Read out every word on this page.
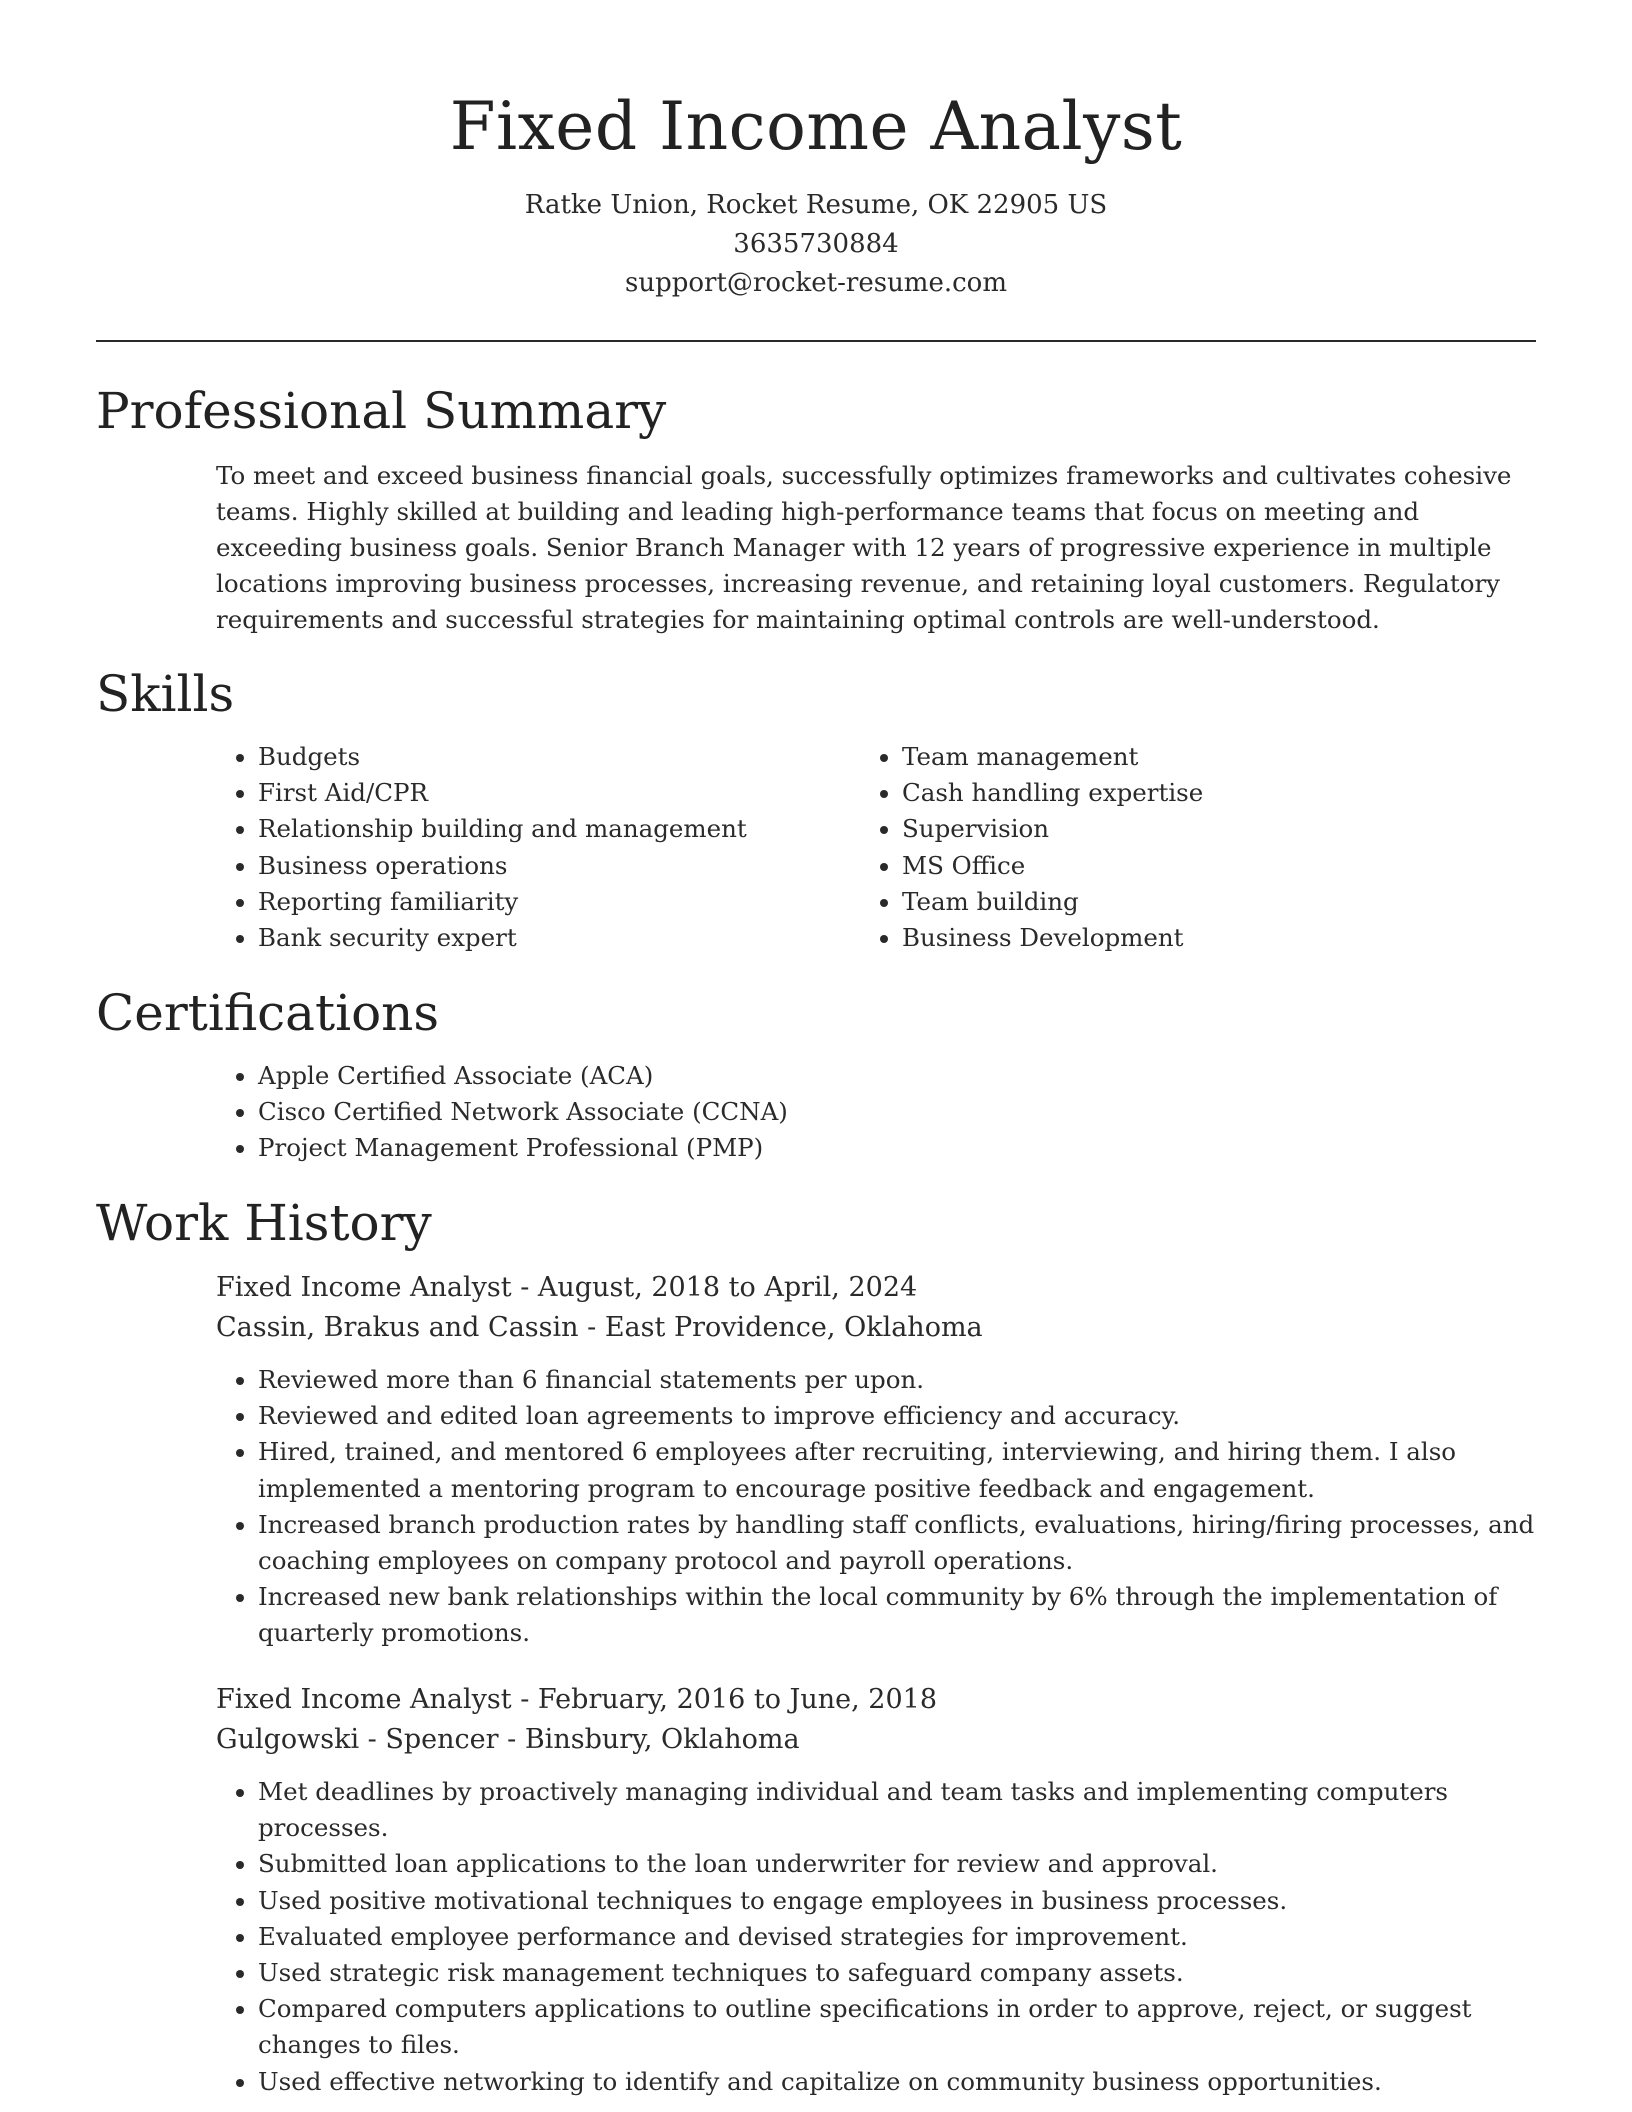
Fixed Income Analyst
Ratke Union, Rocket Resume, OK 22905 US
3635730884
support@rocket-resume.com
Professional Summary

To meet and exceed business financial goals, successfully optimizes frameworks and cultivates cohesive teams. Highly skilled at building and leading high-performance teams that focus on meeting and exceeding business goals. Senior Branch Manager with 12 years of progressive experience in multiple locations improving business processes, increasing revenue, and retaining loyal customers. Regulatory requirements and successful strategies for maintaining optimal controls are well-understood.

Skills
• Budgets
• First Aid/CPR
• Relationship building and management
• Business operations
• Reporting familiarity
• Bank security expert
• Team management
• Cash handling expertise
• Supervision
• MS Office
• Team building
• Business Development
Certifications
• Apple Certified Associate (ACA)
• Cisco Certified Network Associate (CCNA)
• Project Management Professional (PMP)
Work History
Fixed Income Analyst - August, 2018 to April, 2024
Cassin, Brakus and Cassin - East Providence, Oklahoma
• Reviewed more than 6 financial statements per upon.
• Reviewed and edited loan agreements to improve efficiency and accuracy.
• Hired, trained, and mentored 6 employees after recruiting, interviewing, and hiring them. I also implemented a mentoring program to encourage positive feedback and engagement.
• Increased branch production rates by handling staff conflicts, evaluations, hiring/firing processes, and coaching employees on company protocol and payroll operations.
• Increased new bank relationships within the local community by 6% through the implementation of quarterly promotions.
Fixed Income Analyst - February, 2016 to June, 2018
Gulgowski - Spencer - Binsbury, Oklahoma
• Met deadlines by proactively managing individual and team tasks and implementing computers processes.
• Submitted loan applications to the loan underwriter for review and approval.
• Used positive motivational techniques to engage employees in business processes.
• Evaluated employee performance and devised strategies for improvement.
• Used strategic risk management techniques to safeguard company assets.
• Compared computers applications to outline specifications in order to approve, reject, or suggest changes to files.
• Used effective networking to identify and capitalize on community business opportunities.
